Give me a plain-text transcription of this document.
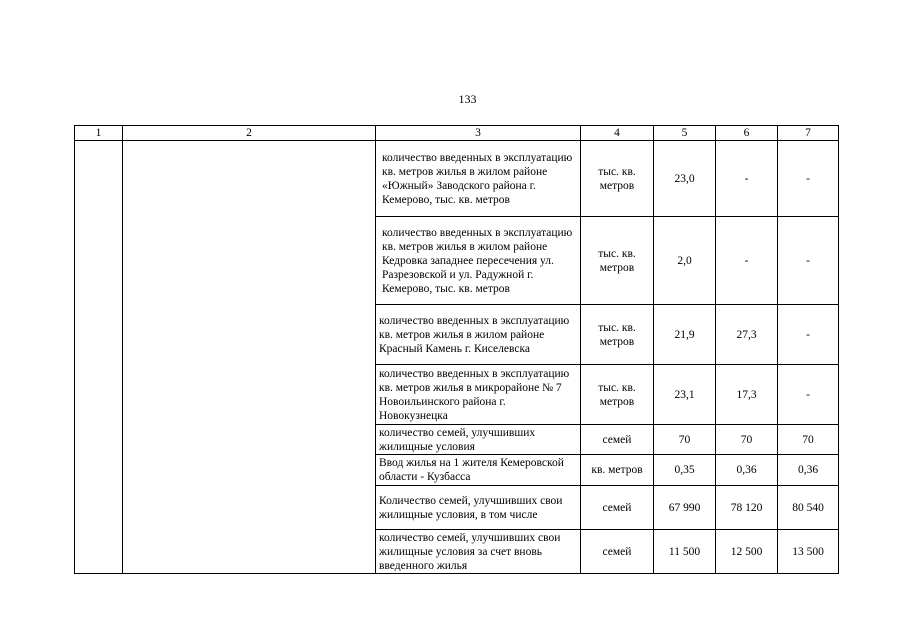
133
1	2	3	4	5	6	7
		количество введенных в эксплуатацию кв. метров жилья в жилом районе «Южный» Заводского района г. Кемерово, тыс. кв. метров	тыс. кв. метров	23,0	-	-
		количество введенных в эксплуатацию кв. метров жилья в жилом районе Кедровка западнее пересечения ул. Разрезовской и ул. Радужной г. Кемерово, тыс. кв. метров	тыс. кв. метров	2,0	-	-
		количество введенных в эксплуатацию кв. метров жилья в жилом районе Красный Камень г. Киселевска	тыс. кв. метров	21,9	27,3	-
		количество введенных в эксплуатацию кв. метров жилья в микрорайоне № 7 Новоильинского района г. Новокузнецка	тыс. кв. метров	23,1	17,3	-
		количество семей, улучшивших жилищные условия	семей	70	70	70
		Ввод жилья на 1 жителя Кемеровской области - Кузбасса	кв. метров	0,35	0,36	0,36
		Количество семей, улучшивших свои жилищные условия, в том числе	семей	67 990	78 120	80 540
		количество семей, улучшивших свои жилищные условия за счет вновь введенного жилья	семей	11 500	12 500	13 500
